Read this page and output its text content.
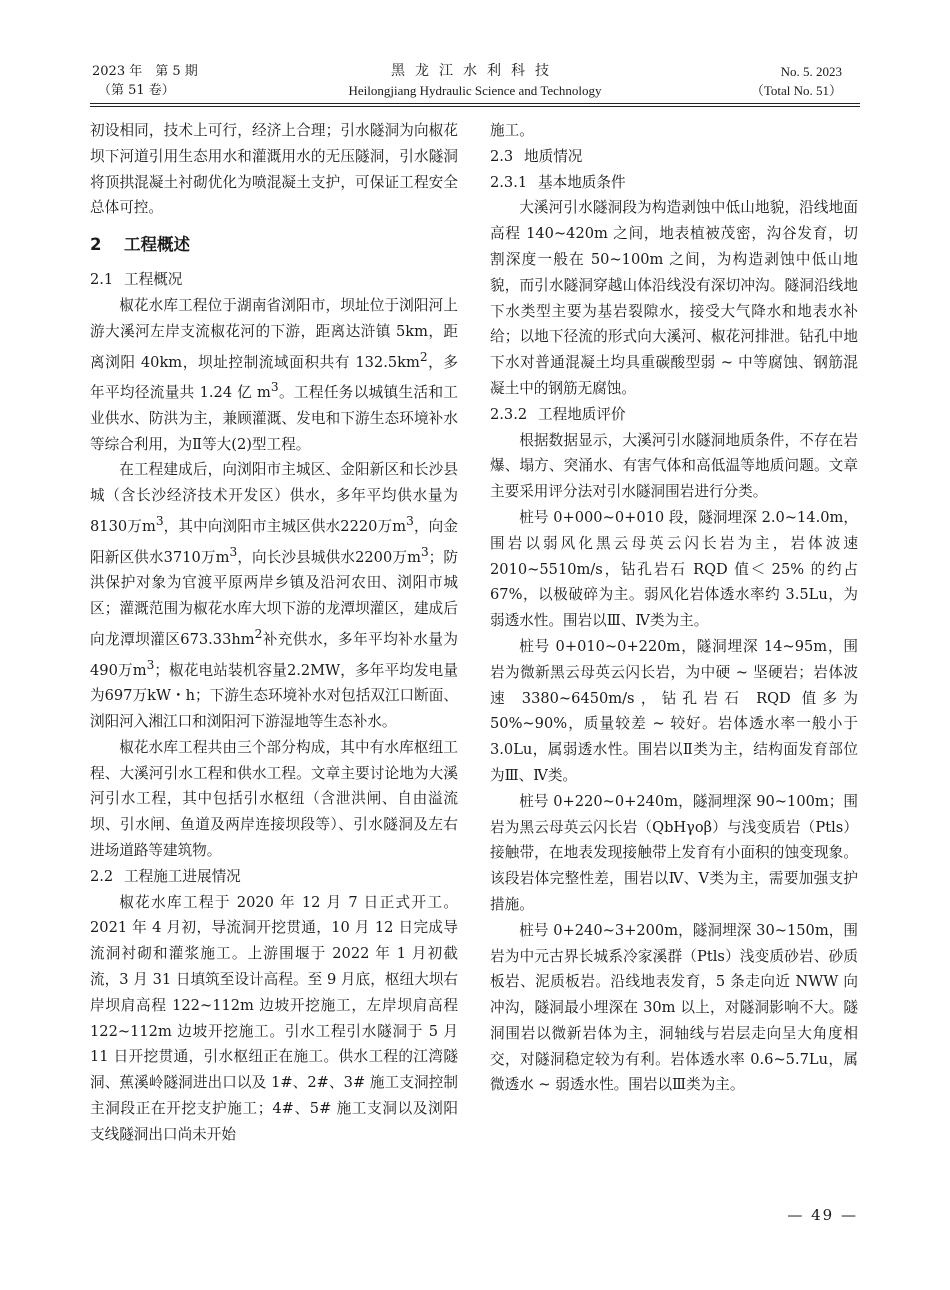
2023 年　第 5 期
（第 51 卷）
黑龙江水利科技
Heilongjiang Hydraulic Science and Technology
No. 5. 2023
（Total No. 51）

初设相同，技术上可行，经济上合理；引水隧洞为向椒花坝下河道引用生态用水和灌溉用水的无压隧洞，引水隧洞将顶拱混凝土衬砌优化为喷混凝土支护，可保证工程安全总体可控。

2 工程概述
2.1 工程概况

椒花水库工程位于湖南省浏阳市，坝址位于浏阳河上游大溪河左岸支流椒花河的下游，距离达浒镇 5km，距离浏阳 40km，坝址控制流域面积共有 $132.5km^2$，多年平均径流量共 1.24 亿 $m^3$。工程任务以城镇生活和工业供水、防洪为主，兼顾灌溉、发电和下游生态环境补水等综合利用，为Ⅱ等大(2)型工程。

在工程建成后，向浏阳市主城区、金阳新区和长沙县城（含长沙经济技术开发区）供水，多年平均供水量为8130万$m^3$，其中向浏阳市主城区供水2220万$m^3$，向金阳新区供水3710万$m^3$，向长沙县城供水2200万$m^3$；防洪保护对象为官渡平原两岸乡镇及沿河农田、浏阳市城区；灌溉范围为椒花水库大坝下游的龙潭坝灌区，建成后向龙潭坝灌区$673.33hm^2$补充供水，多年平均补水量为490万$m^3$；椒花电站装机容量2.2MW，多年平均发电量为697万kW・h；下游生态环境补水对包括双江口断面、浏阳河入湘江口和浏阳河下游湿地等生态补水。

椒花水库工程共由三个部分构成，其中有水库枢纽工程、大溪河引水工程和供水工程。文章主要讨论地为大溪河引水工程，其中包括引水枢纽（含泄洪闸、自由溢流坝、引水闸、鱼道及两岸连接坝段等）、引水隧洞及左右进场道路等建筑物。

2.2 工程施工进展情况

椒花水库工程于 2020 年 12 月 7 日正式开工。2021 年 4 月初，导流洞开挖贯通，10 月 12 日完成导流洞衬砌和灌浆施工。上游围堰于 2022 年 1 月初截流，3 月 31 日填筑至设计高程。至 9 月底，枢纽大坝右岸坝肩高程 122~112m 边坡开挖施工，左岸坝肩高程 122~112m 边坡开挖施工。引水工程引水隧洞于 5 月 11 日开挖贯通，引水枢纽正在施工。供水工程的江湾隧洞、蕉溪岭隧洞进出口以及 1#、2#、3# 施工支洞控制主洞段正在开挖支护施工；4#、5# 施工支洞以及浏阳支线隧洞出口尚未开始

施工。

2.3 地质情况
2.3.1 基本地质条件

大溪河引水隧洞段为构造剥蚀中低山地貌，沿线地面高程 140~420m 之间，地表植被茂密，沟谷发育，切割深度一般在 50~100m 之间，为构造剥蚀中低山地貌，而引水隧洞穿越山体沿线没有深切冲沟。隧洞沿线地下水类型主要为基岩裂隙水，接受大气降水和地表水补给；以地下径流的形式向大溪河、椒花河排泄。钻孔中地下水对普通混凝土均具重碳酸型弱 ~ 中等腐蚀、钢筋混凝土中的钢筋无腐蚀。

2.3.2 工程地质评价

根据数据显示，大溪河引水隧洞地质条件，不存在岩爆、塌方、突涌水、有害气体和高低温等地质问题。文章主要采用评分法对引水隧洞围岩进行分类。

桩号 0+000~0+010 段，隧洞埋深 2.0~14.0m，围岩以弱风化黑云母英云闪长岩为主，岩体波速 2010~5510m/s，钻孔岩石 RQD 值＜ 25% 的约占 67%，以极破碎为主。弱风化岩体透水率约 3.5Lu，为弱透水性。围岩以Ⅲ、Ⅳ类为主。

桩号 0+010~0+220m，隧洞埋深 14~95m，围岩为微新黑云母英云闪长岩，为中硬 ~ 坚硬岩；岩体波速 3380~6450m/s，钻孔岩石 RQD 值多为 50%~90%，质量较差 ~ 较好。岩体透水率一般小于 3.0Lu，属弱透水性。围岩以Ⅱ类为主，结构面发育部位为Ⅲ、Ⅳ类。

桩号 0+220~0+240m，隧洞埋深 90~100m；围岩为黑云母英云闪长岩（QbHγοβ）与浅变质岩（Ptls）接触带，在地表发现接触带上发育有小面积的蚀变现象。该段岩体完整性差，围岩以Ⅳ、Ⅴ类为主，需要加强支护措施。

桩号 0+240~3+200m，隧洞埋深 30~150m，围岩为中元古界长城系冷家溪群（Ptls）浅变质砂岩、砂质板岩、泥质板岩。沿线地表发育，5 条走向近 NWW 向冲沟，隧洞最小埋深在 30m 以上，对隧洞影响不大。隧洞围岩以微新岩体为主，洞轴线与岩层走向呈大角度相交，对隧洞稳定较为有利。岩体透水率 0.6~5.7Lu，属微透水 ~ 弱透水性。围岩以Ⅲ类为主。

— 49 —
